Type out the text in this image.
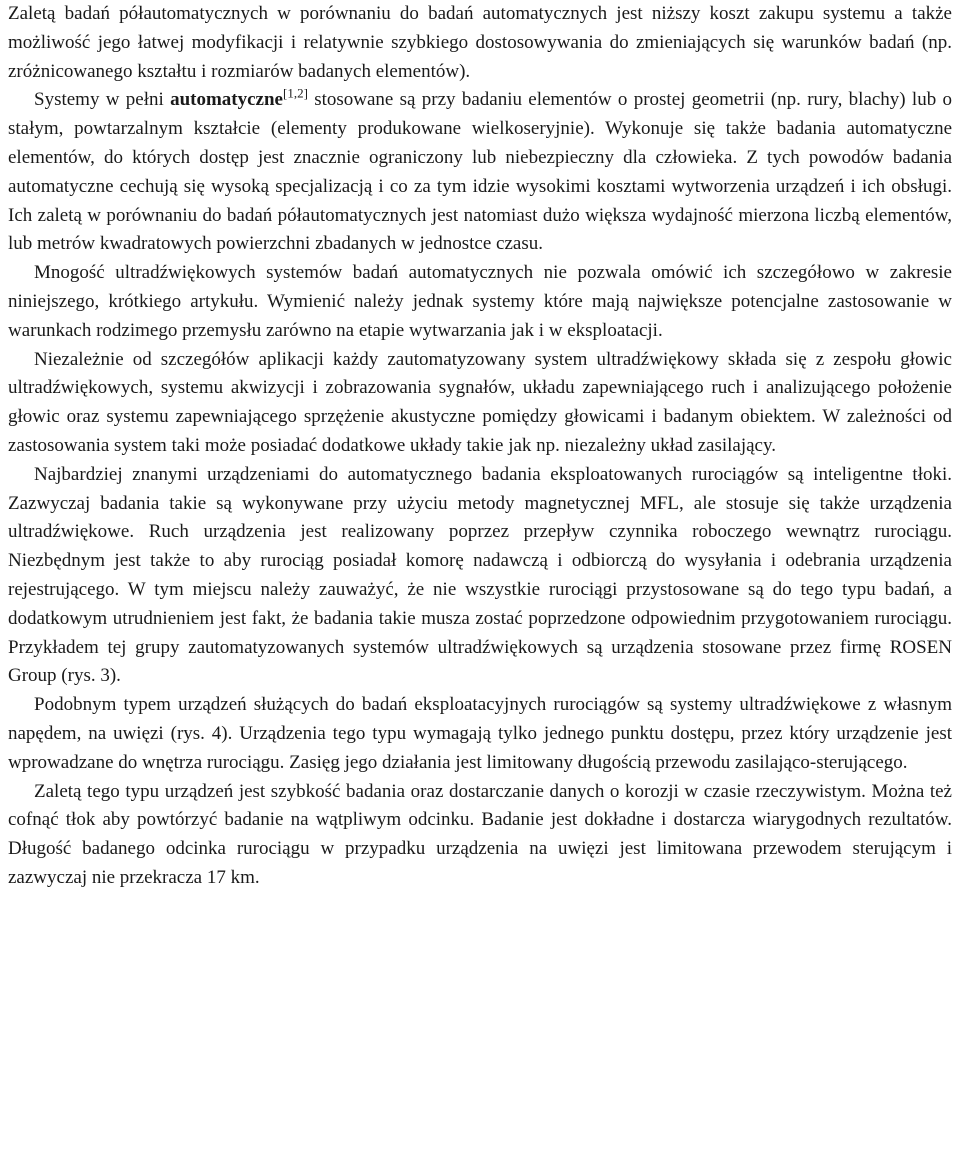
Zaletą badań półautomatycznych w porównaniu do badań automatycznych jest niższy koszt zakupu systemu a także możliwość jego łatwej modyfikacji i relatywnie szybkiego dostosowywania do zmieniających się warunków badań (np. zróżnicowanego kształtu i rozmiarów badanych elementów).

Systemy w pełni automatyczne[1,2] stosowane są przy badaniu elementów o prostej geometrii (np. rury, blachy) lub o stałym, powtarzalnym kształcie (elementy produkowane wielkoseryjnie). Wykonuje się także badania automatyczne elementów, do których dostęp jest znacznie ograniczony lub niebezpieczny dla człowieka. Z tych powodów badania automatyczne cechują się wysoką specjalizacją i co za tym idzie wysokimi kosztami wytworzenia urządzeń i ich obsługi. Ich zaletą w porównaniu do badań półautomatycznych jest natomiast dużo większa wydajność mierzona liczbą elementów, lub metrów kwadratowych powierzchni zbadanych w jednostce czasu.

Mnogość ultradźwiękowych systemów badań automatycznych nie pozwala omówić ich szczegółowo w zakresie niniejszego, krótkiego artykułu. Wymienić należy jednak systemy które mają największe potencjalne zastosowanie w warunkach rodzimego przemysłu zarówno na etapie wytwarzania jak i w eksploatacji.

Niezależnie od szczegółów aplikacji każdy zautomatyzowany system ultradźwiękowy składa się z zespołu głowic ultradźwiękowych, systemu akwizycji i zobrazowania sygnałów, układu zapewniającego ruch i analizującego położenie głowic oraz systemu zapewniającego sprzężenie akustyczne pomiędzy głowicami i badanym obiektem. W zależności od zastosowania system taki może posiadać dodatkowe układy takie jak np. niezależny układ zasilający.

Najbardziej znanymi urządzeniami do automatycznego badania eksploatowanych rurociągów są inteligentne tłoki. Zazwyczaj badania takie są wykonywane przy użyciu metody magnetycznej MFL, ale stosuje się także urządzenia ultradźwiękowe. Ruch urządzenia jest realizowany poprzez przepływ czynnika roboczego wewnątrz rurociągu. Niezbędnym jest także to aby rurociąg posiadał komorę nadawczą i odbiorczą do wysyłania i odebrania urządzenia rejestrującego. W tym miejscu należy zauważyć, że nie wszystkie rurociągi przystosowane są do tego typu badań, a dodatkowym utrudnieniem jest fakt, że badania takie musza zostać poprzedzone odpowiednim przygotowaniem rurociągu. Przykładem tej grupy zautomatyzowanych systemów ultradźwiękowych są urządzenia stosowane przez firmę ROSEN Group (rys. 3).

Podobnym typem urządzeń służących do badań eksploatacyjnych rurociągów są systemy ultradźwiękowe z własnym napędem, na uwięzi (rys. 4). Urządzenia tego typu wymagają tylko jednego punktu dostępu, przez który urządzenie jest wprowadzane do wnętrza rurociągu. Zasięg jego działania jest limitowany długością przewodu zasilająco-sterującego.

Zaletą tego typu urządzeń jest szybkość badania oraz dostarczanie danych o korozji w czasie rzeczywistym. Można też cofnąć tłok aby powtórzyć badanie na wątpliwym odcinku. Badanie jest dokładne i dostarcza wiarygodnych rezultatów. Długość badanego odcinka rurociągu w przypadku urządzenia na uwięzi jest limitowana przewodem sterującym i zazwyczaj nie przekracza 17 km.
